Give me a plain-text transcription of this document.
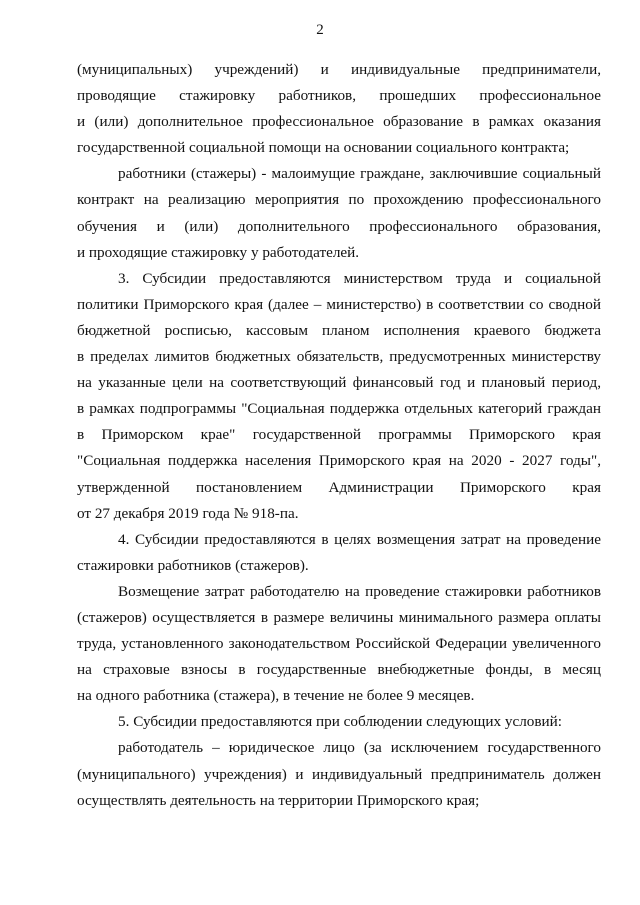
2
(муниципальных) учреждений) и индивидуальные предприниматели,
проводящие стажировку работников, прошедших профессиональное
и (или) дополнительное профессиональное образование в рамках оказания
государственной социальной помощи на основании социального контракта;
работники (стажеры) - малоимущие граждане, заключившие социальный
контракт на реализацию мероприятия по прохождению профессионального
обучения и (или) дополнительного профессионального образования,
и проходящие стажировку у работодателей.
3. Субсидии предоставляются министерством труда и социальной
политики Приморского края (далее – министерство) в соответствии со сводной
бюджетной росписью, кассовым планом исполнения краевого бюджета
в пределах лимитов бюджетных обязательств, предусмотренных министерству
на указанные цели на соответствующий финансовый год и плановый период,
в рамках подпрограммы "Социальная поддержка отдельных категорий граждан
в Приморском крае" государственной программы Приморского края
"Социальная поддержка населения Приморского края на 2020 - 2027 годы",
утвержденной постановлением Администрации Приморского края
от 27 декабря 2019 года № 918-па.
4. Субсидии предоставляются в целях возмещения затрат на проведение
стажировки работников (стажеров).
Возмещение затрат работодателю на проведение стажировки работников
(стажеров) осуществляется в размере величины минимального размера оплаты
труда, установленного законодательством Российской Федерации увеличенного
на страховые взносы в государственные внебюджетные фонды, в месяц
на одного работника (стажера), в течение не более 9 месяцев.
5. Субсидии предоставляются при соблюдении следующих условий:
работодатель – юридическое лицо (за исключением государственного
(муниципального) учреждения) и индивидуальный предприниматель должен
осуществлять деятельность на территории Приморского края;
